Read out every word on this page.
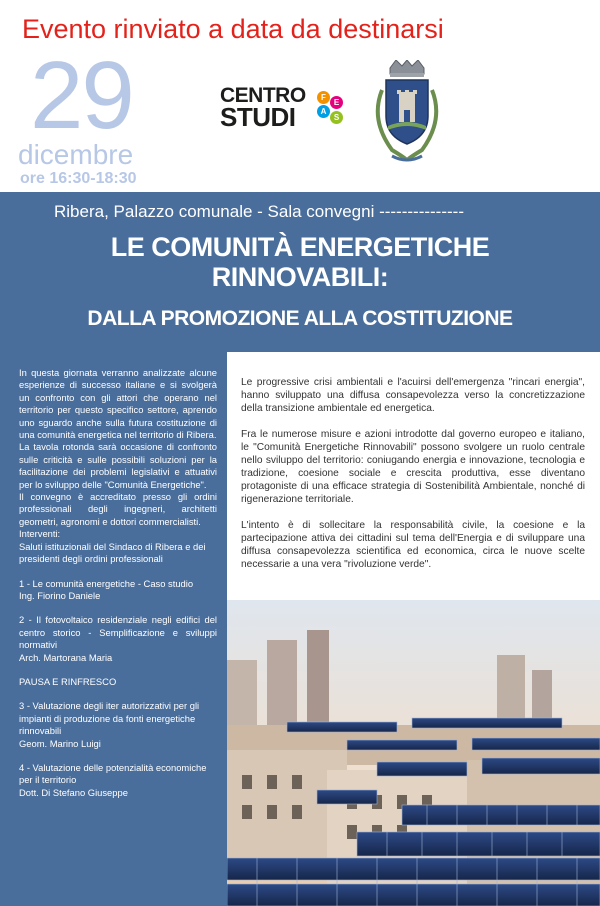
Evento rinviato a data da destinarsi
29
dicembre
ore 16:30-18:30
CENTRO
STUDI
F
E
A
S
Ribera, Palazzo comunale - Sala convegni ---------------
LE COMUNITÀ ENERGETICHE
RINNOVABILI:
DALLA PROMOZIONE ALLA COSTITUZIONE

In questa giornata verranno analizzate alcune esperienze di successo italiane e si svolgerà un confronto con gli attori che operano nel territorio per questo specifico settore, aprendo uno sguardo anche sulla futura costituzione di una comunità energetica nel territorio di Ribera.

La tavola rotonda sarà occasione di confronto sulle criticità e sulle possibili soluzioni per la facilitazione dei problemi legislativi e attuativi per lo sviluppo delle "Comunità Energetiche".

Il convegno è accreditato presso gli ordini professionali degli ingegneri, architetti geometri, agronomi e dottori commercialisti.

Interventi:

Saluti istituzionali del Sindaco di Ribera e dei presidenti degli ordini professionali

1 - Le comunità energetiche - Caso studio

Ing. Fiorino Daniele

2 - Il fotovoltaico residenziale negli edifici del centro storico - Semplificazione e sviluppi normativi

Arch. Martorana Maria

PAUSA E RINFRESCO

3 - Valutazione degli iter autorizzativi per gli impianti di produzione da fonti energetiche rinnovabili

Geom. Marino Luigi

4 - Valutazione delle potenzialità economiche per il territorio

Dott. Di Stefano Giuseppe

Le progressive crisi ambientali e l'acuirsi dell'emergenza "rincari energia", hanno sviluppato una diffusa consapevolezza verso la concretizzazione della transizione ambientale ed energetica.

Fra le numerose misure e azioni introdotte dal governo europeo e italiano, le "Comunità Energetiche Rinnovabili" possono svolgere un ruolo centrale nello sviluppo del territorio: coniugando energia e innovazione, tecnologia e tradizione, coesione sociale e crescita produttiva, esse diventano protagoniste di una efficace strategia di Sostenibilità Ambientale, nonché di rigenerazione territoriale.

L'intento è di sollecitare la responsabilità civile, la coesione e la partecipazione attiva dei cittadini sul tema dell'Energia e di sviluppare una diffusa consapevolezza scientifica ed economica, circa le nuove scelte necessarie a una vera "rivoluzione verde".
